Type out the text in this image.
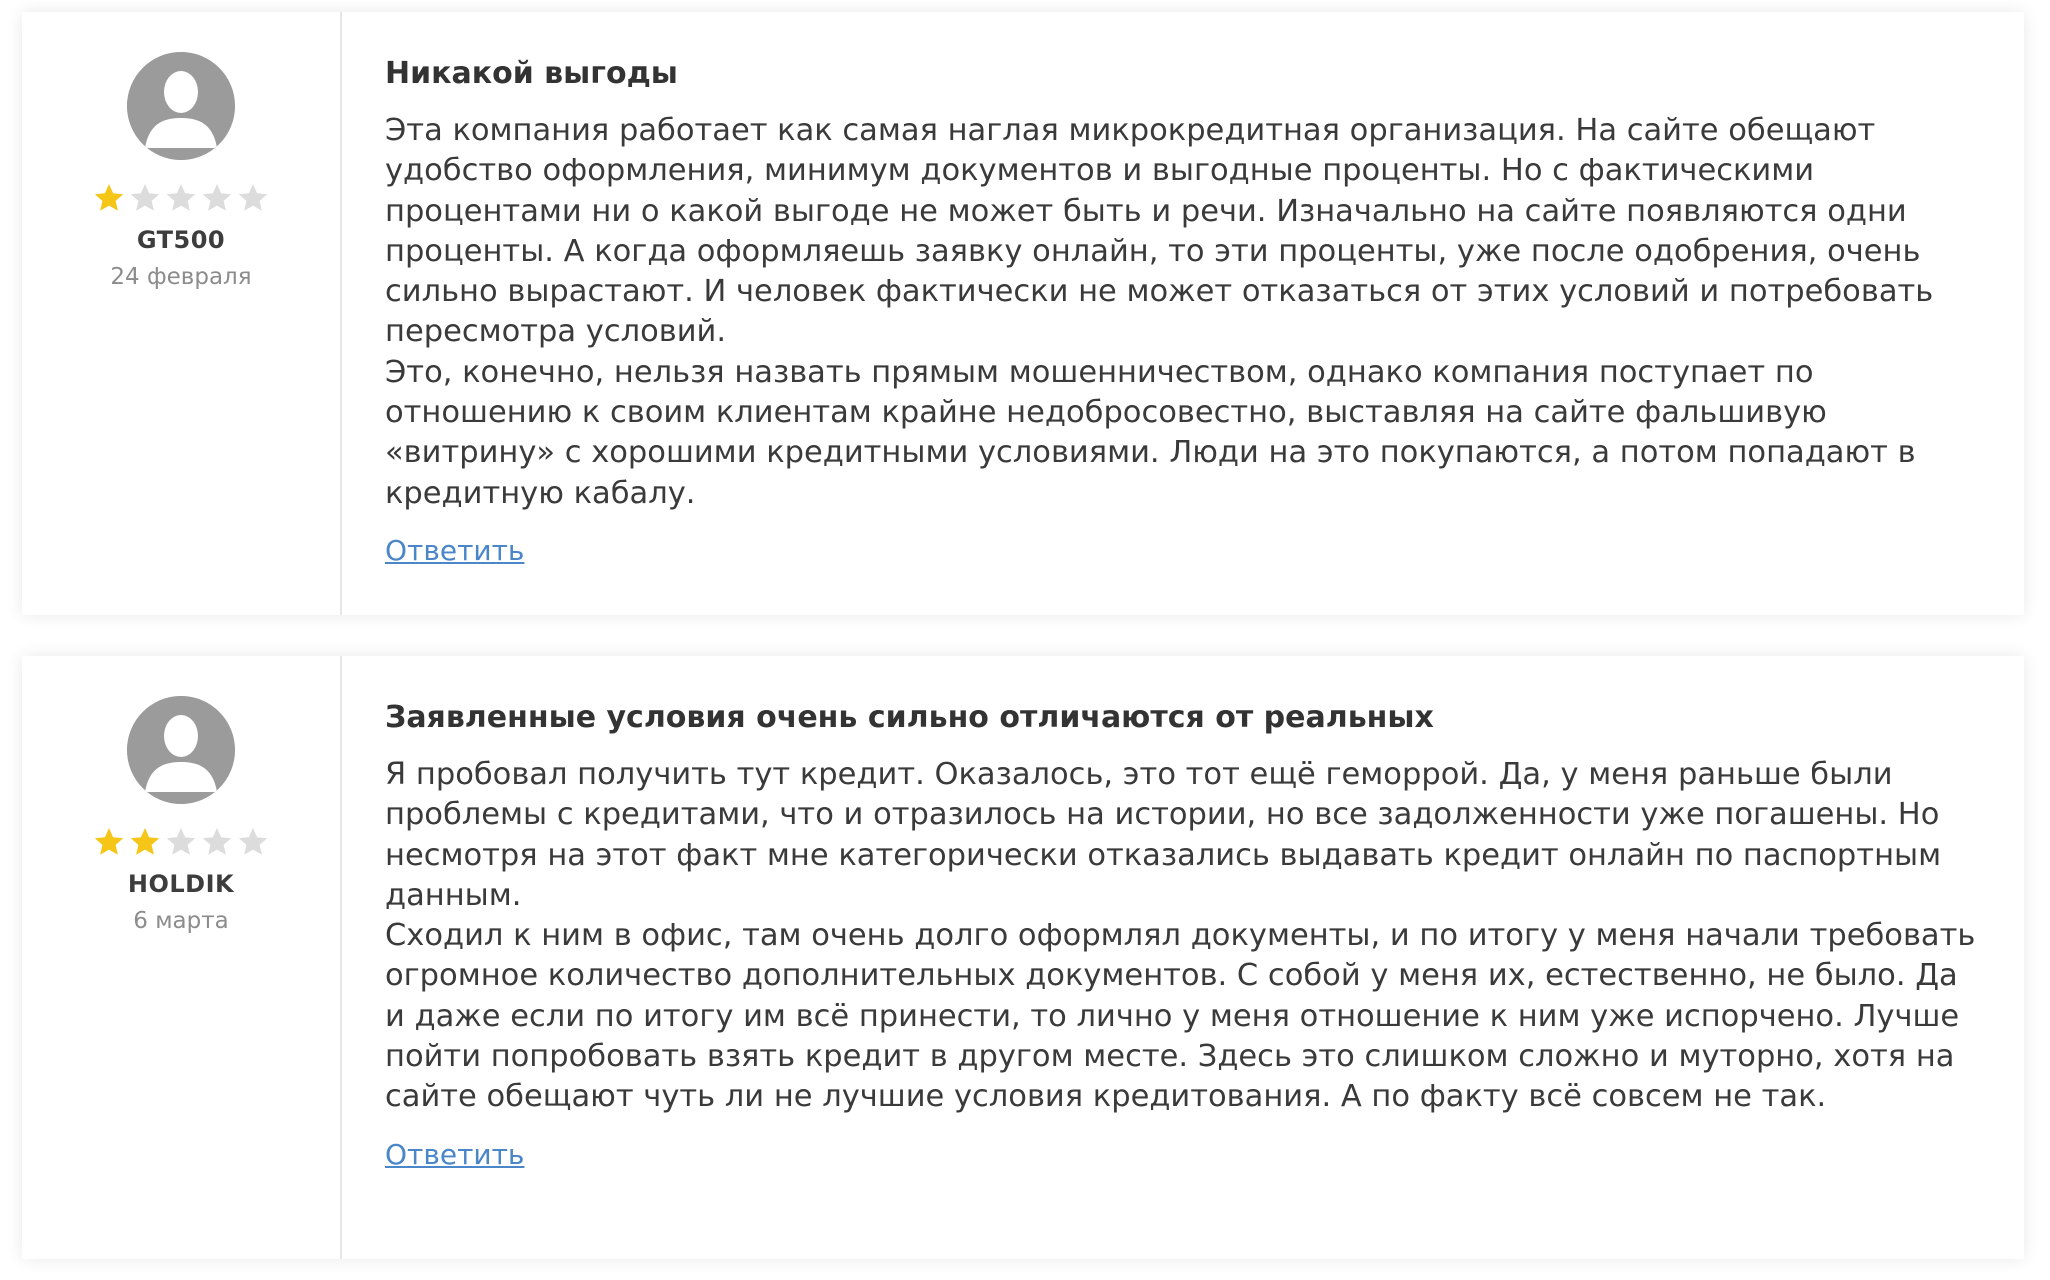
GT500
24 февраля
Никакой выгоды

Эта компания работает как самая наглая микрокредитная организация. На сайте обещают удобство оформления, минимум документов и выгодные проценты. Но с фактическими процентами ни о какой выгоде не может быть и речи. Изначально на сайте появляются одни проценты. А когда оформляешь заявку онлайн, то эти проценты, уже после одобрения, очень сильно вырастают. И человек фактически не может отказаться от этих условий и потребовать пересмотра условий.

Это, конечно, нельзя назвать прямым мошенничеством, однако компания поступает по отношению к своим клиентам крайне недобросовестно, выставляя на сайте фальшивую «витрину» с хорошими кредитными условиями. Люди на это покупаются, а потом попадают в кредитную кабалу.

Ответить
HOLDIK
6 марта
Заявленные условия очень сильно отличаются от реальных

Я пробовал получить тут кредит. Оказалось, это тот ещё геморрой. Да, у меня раньше были проблемы с кредитами, что и отразилось на истории, но все задолженности уже погашены. Но несмотря на этот факт мне категорически отказались выдавать кредит онлайн по паспортным данным.

Сходил к ним в офис, там очень долго оформлял документы, и по итогу у меня начали требовать огромное количество дополнительных документов. С собой у меня их, естественно, не было. Да и даже если по итогу им всё принести, то лично у меня отношение к ним уже испорчено. Лучше пойти попробовать взять кредит в другом месте. Здесь это слишком сложно и муторно, хотя на сайте обещают чуть ли не лучшие условия кредитования. А по факту всё совсем не так.

Ответить
